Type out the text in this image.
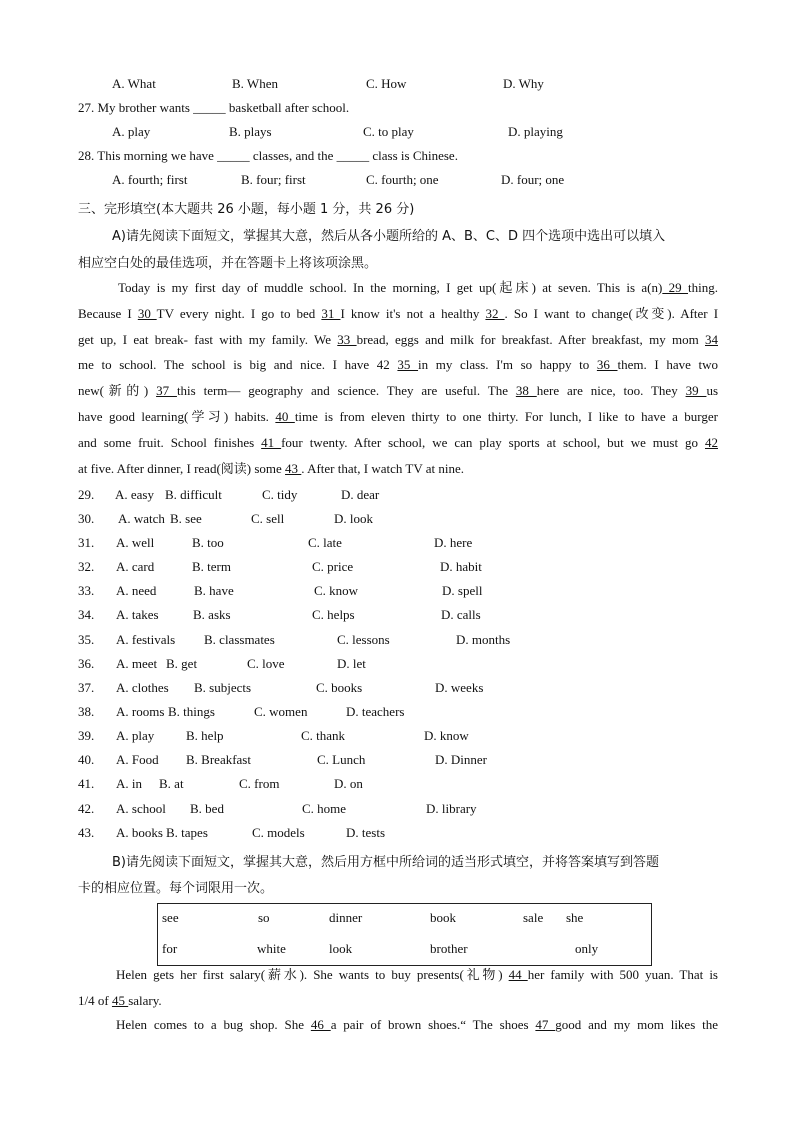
A. What	B. When	C. How	D. Why
27. My brother wants _____ basketball after school.
A. play	B. plays	C. to play	D. playing
28. This morning we have _____ classes, and the _____ class is Chinese.
A. fourth; first	B. four; first	C. fourth; one	D. four; one
三、完形填空(本大题共 26 小题，每小题 1 分，共 26 分)
A)请先阅读下面短文，掌握其大意，然后从各小题所给的 A、B、C、D 四个选项中选出可以填入
相应空白处的最佳选项，并在答题卡上将该项涂黑。
Today is my first day of muddle school. In the morning, I get up(起床) at seven. This is a(n) 29 thing.
Because I 30 TV every night. I go to bed 31 I know it's not a healthy 32 . So I want to change(改变). After I
get up, I eat break- fast with my family. We 33 bread, eggs and milk for breakfast. After breakfast, my mom 34
me to school. The school is big and nice. I have 42 35 in my class. I'm so happy to 36 them. I have two
new(新的) 37 this term— geography and science. They are useful. The 38 here are nice, too. They 39 us
have good learning(学习) habits. 40 time is from eleven thirty to one thirty. For lunch, I like to have a burger
and some fruit. School finishes 41 four twenty. After school, we can play sports at school, but we must go 42
at five. After dinner, I read(阅读) some 43 . After that, I watch TV at nine.
29. A. easy B. difficult	C. tidy	D. dear
30. A. watch B. see	C. sell	D. look
31. A. well	B. too	C. late	D. here
32. A. card	B. term	C. price	D. habit
33. A. need	B. have	C. know	D. spell
34. A. takes	B. asks	C. helps	D. calls
35. A. festivals B. classmates	C. lessons	D. months
36. A. meet B. get	C. love	D. let
37. A. clothes B. subjects	C. books	D. weeks
38. A. rooms B. things	C. women	D. teachers
39. A. play B. help	C. thank	D. know
40. A. Food B. Breakfast	C. Lunch	D. Dinner
41. A. in B. at	C. from	D. on
42. A. school B. bed	C. home	D. library
43. A. books B. tapes	C. models	D. tests
B)请先阅读下面短文，掌握其大意，然后用方框中所给词的适当形式填空，并将答案填写到答题
卡的相应位置。每个词限用一次。
see	so	dinner	book	sale she
for	white	look	brother	only
Helen gets her first salary(薪水). She wants to buy presents(礼物) 44 her family with 500 yuan. That is
1/4 of 45 salary.
Helen comes to a bug shop. She 46 a pair of brown shoes.“ The shoes 47 good and my mom likes the
